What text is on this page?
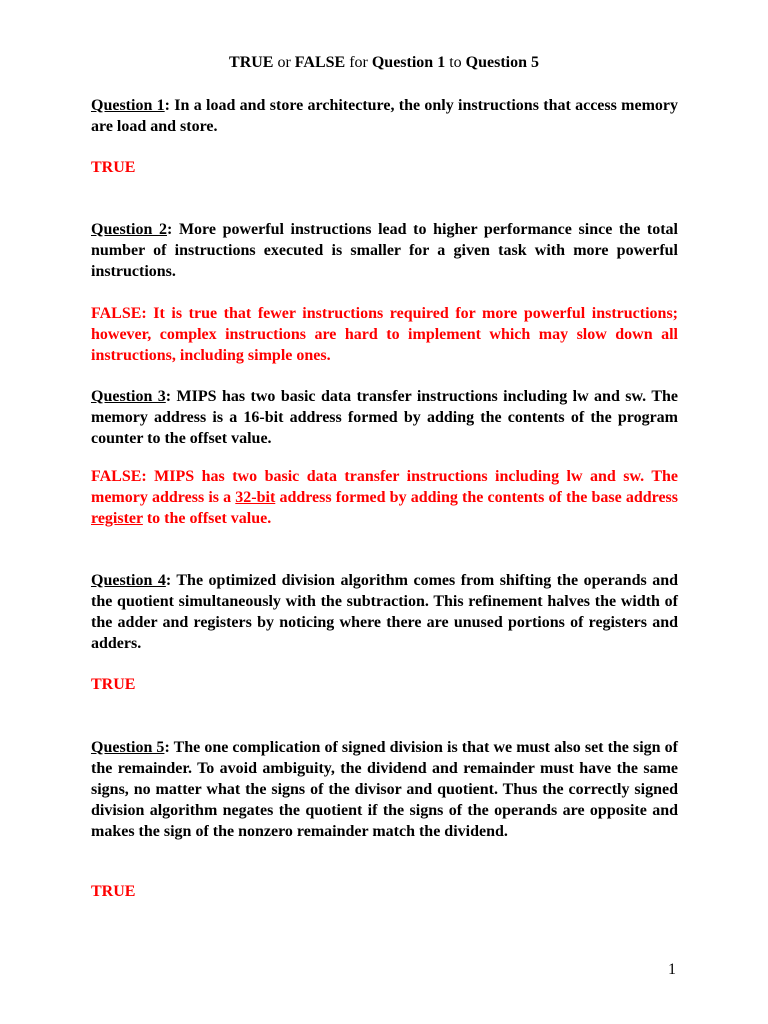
TRUE or FALSE for Question 1 to Question 5
Question 1: In a load and store architecture, the only instructions that access memory are load and store.
TRUE
Question 2: More powerful instructions lead to higher performance since the total number of instructions executed is smaller for a given task with more powerful instructions.
FALSE: It is true that fewer instructions required for more powerful instructions; however, complex instructions are hard to implement which may slow down all instructions, including simple ones.
Question 3: MIPS has two basic data transfer instructions including lw and sw. The memory address is a 16-bit address formed by adding the contents of the program counter to the offset value.
FALSE: MIPS has two basic data transfer instructions including lw and sw. The memory address is a 32-bit address formed by adding the contents of the base address register to the offset value.
Question 4: The optimized division algorithm comes from shifting the operands and the quotient simultaneously with the subtraction. This refinement halves the width of the adder and registers by noticing where there are unused portions of registers and adders.
TRUE
Question 5: The one complication of signed division is that we must also set the sign of the remainder. To avoid ambiguity, the dividend and remainder must have the same signs, no matter what the signs of the divisor and quotient. Thus the correctly signed division algorithm negates the quotient if the signs of the operands are opposite and makes the sign of the nonzero remainder match the dividend.
TRUE
1
